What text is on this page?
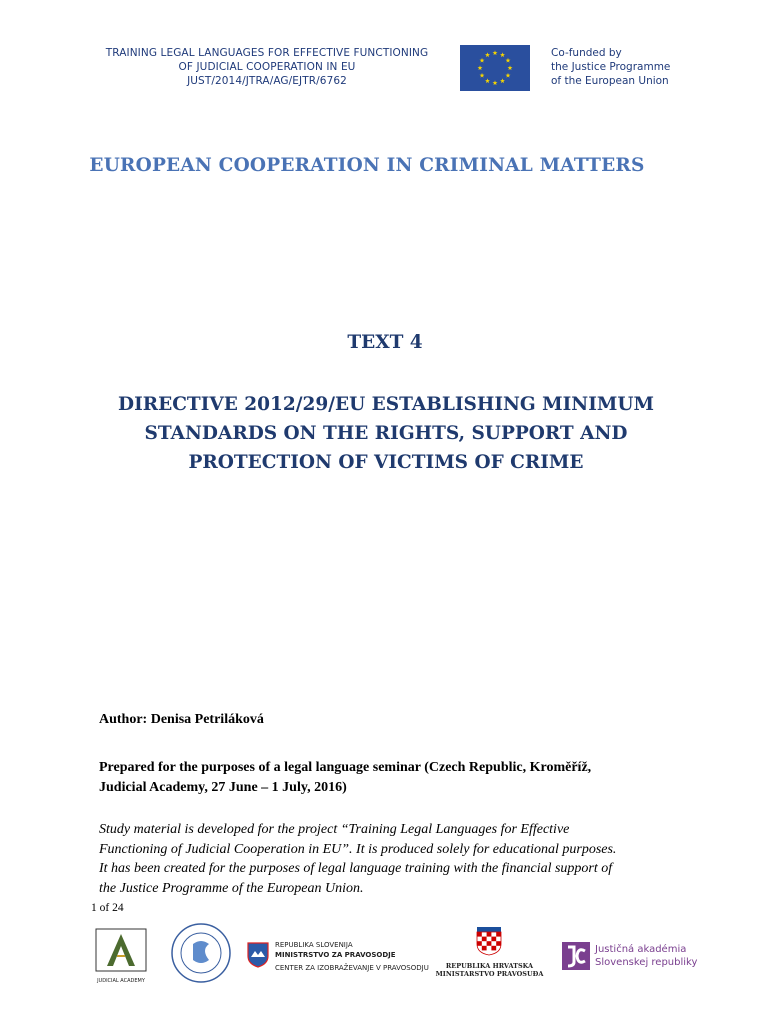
TRAINING LEGAL LANGUAGES FOR EFFECTIVE FUNCTIONING
OF JUDICIAL COOPERATION IN EU
JUST/2014/JTRA/AG/EJTR/6762
Co-funded by
the Justice Programme
of the European Union
EUROPEAN COOPERATION IN CRIMINAL MATTERS
TEXT 4
DIRECTIVE 2012/29/EU ESTABLISHING MINIMUM
STANDARDS ON THE RIGHTS, SUPPORT AND
PROTECTION OF VICTIMS OF CRIME
Author: Denisa Petriláková
Prepared for the purposes of a legal language seminar (Czech Republic, Kroměříž,
Judicial Academy, 27 June – 1 July, 2016)
Study material is developed for the project “Training Legal Languages for Effective
Functioning of Judicial Cooperation in EU”. It is produced solely for educational purposes.
It has been created for the purposes of legal language training with the financial support of
the Justice Programme of the European Union.
1 of 24
JUDICIAL ACADEMY
REPUBLIKA SLOVENIJA
MINISTRSTVO ZA PRAVOSODJE
CENTER ZA IZOBRAŽEVANJE V PRAVOSODJU	REPUBLIKA HRVATSKA
MINISTARSTVO PRAVOSUĐA
Justičná akadémia
Slovenskej republiky
